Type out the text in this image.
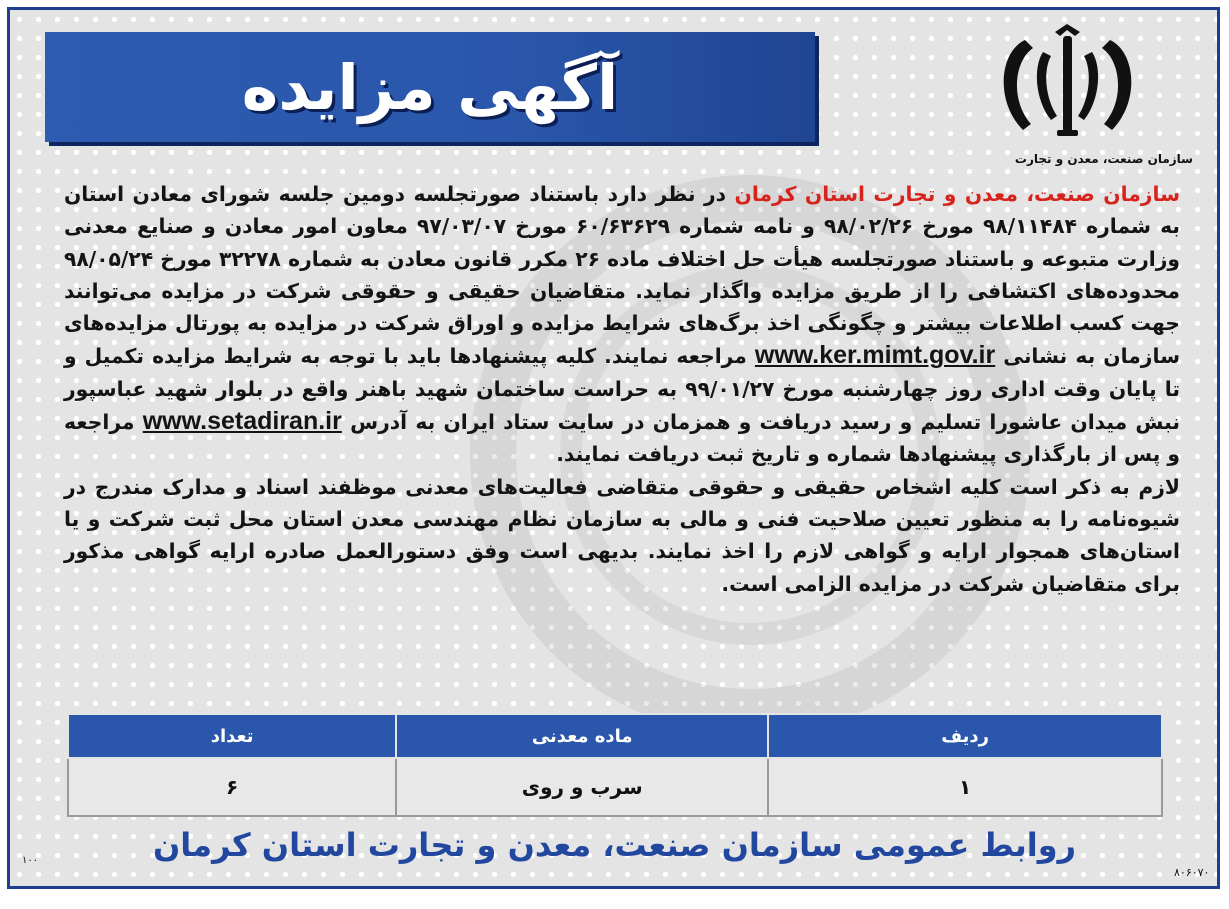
آگهی مزایده
سازمان صنعت، معدن و تجارت

سازمان صنعت، معدن و تجارت استان کرمان در نظر دارد باستناد صورتجلسه دومین جلسه شورای معادن استان به شماره ۹۸/۱۱۴۸۴ مورخ ۹۸/۰۲/۲۶ و نامه شماره ۶۰/۶۳۶۲۹ مورخ ۹۷/۰۳/۰۷ معاون امور معادن و صنایع معدنی وزارت متبوعه و باستناد صورتجلسه هیأت حل اختلاف ماده ۲۶ مکرر قانون معادن به شماره ۳۲۲۷۸ مورخ ۹۸/۰۵/۲۴ محدوده‌های اکتشافی را از طریق مزایده واگذار نماید. متقاضیان حقیقی و حقوقی شرکت در مزایده می‌توانند جهت کسب اطلاعات بیشتر و چگونگی اخذ برگ‌های شرایط مزایده و اوراق شرکت در مزایده به پورتال مزایده‌های سازمان به نشانی www.ker.mimt.gov.ir مراجعه نمایند. کلیه پیشنهادها باید با توجه به شرایط مزایده تکمیل و تا پایان وقت اداری روز چهارشنبه مورخ ۹۹/۰۱/۲۷ به حراست ساختمان شهید باهنر واقع در بلوار شهید عباسپور نبش میدان عاشورا تسلیم و رسید دریافت و همزمان در سایت ستاد ایران به آدرس www.setadiran.ir مراجعه و پس از بارگذاری پیشنهادها شماره و تاریخ ثبت دریافت نمایند.

لازم به ذکر است کلیه اشخاص حقیقی و حقوقی متقاضی فعالیت‌های معدنی موظفند اسناد و مدارک مندرج در شیوه‌نامه را به منظور تعیین صلاحیت فنی و مالی به سازمان نظام مهندسی معدن استان محل ثبت شرکت و یا استان‌های همجوار ارایه و گواهی لازم را اخذ نمایند. بدیهی است وفق دستورالعمل صادره ارایه گواهی مذکور برای متقاضیان شرکت در مزایده الزامی است.

ردیف	ماده معدنی	تعداد
۱	سرب و روی	۶
روابط عمومی سازمان صنعت، معدن و تجارت استان کرمان
۱۰۰
۸۰۶۰۷۰
